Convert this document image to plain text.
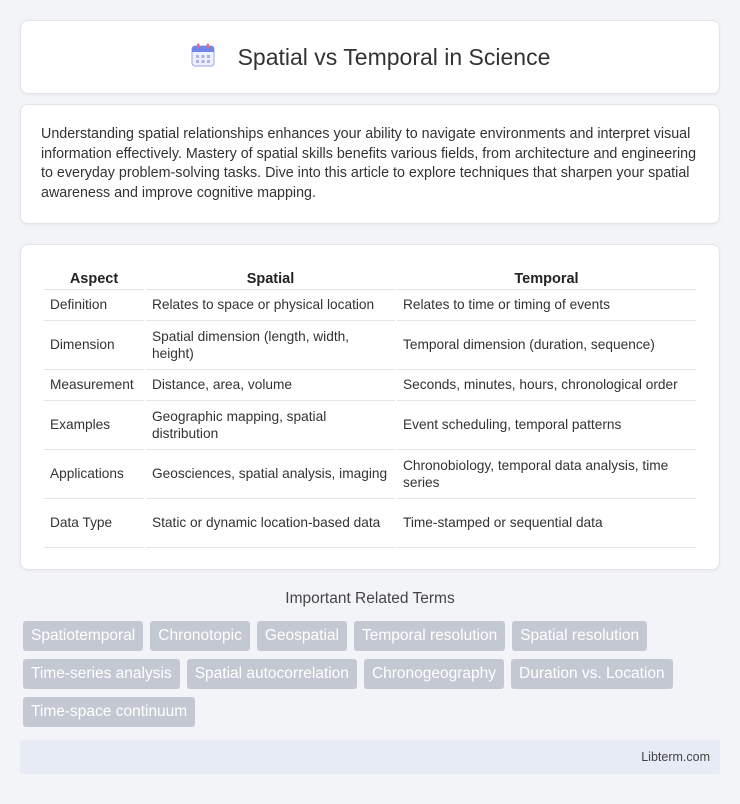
Spatial vs Temporal in Science

Understanding spatial relationships enhances your ability to navigate environments and interpret visual information effectively. Mastery of spatial skills benefits various fields, from architecture and engineering to everyday problem-solving tasks. Dive into this article to explore techniques that sharpen your spatial awareness and improve cognitive mapping.

Aspect	Spatial	Temporal
Definition	Relates to space or physical location	Relates to time or timing of events
Dimension	Spatial dimension (length, width, height)	Temporal dimension (duration, sequence)
Measurement	Distance, area, volume	Seconds, minutes, hours, chronological order
Examples	Geographic mapping, spatial distribution	Event scheduling, temporal patterns
Applications	Geosciences, spatial analysis, imaging	Chronobiology, temporal data analysis, time series
Data Type	Static or dynamic location-based data	Time-stamped or sequential data
Important Related Terms
Spatiotemporal	Chronotopic	Geospatial	Temporal resolution	Spatial resolution
Time-series analysis	Spatial autocorrelation	Chronogeography	Duration vs. Location
Time-space continuum
Libterm.com
